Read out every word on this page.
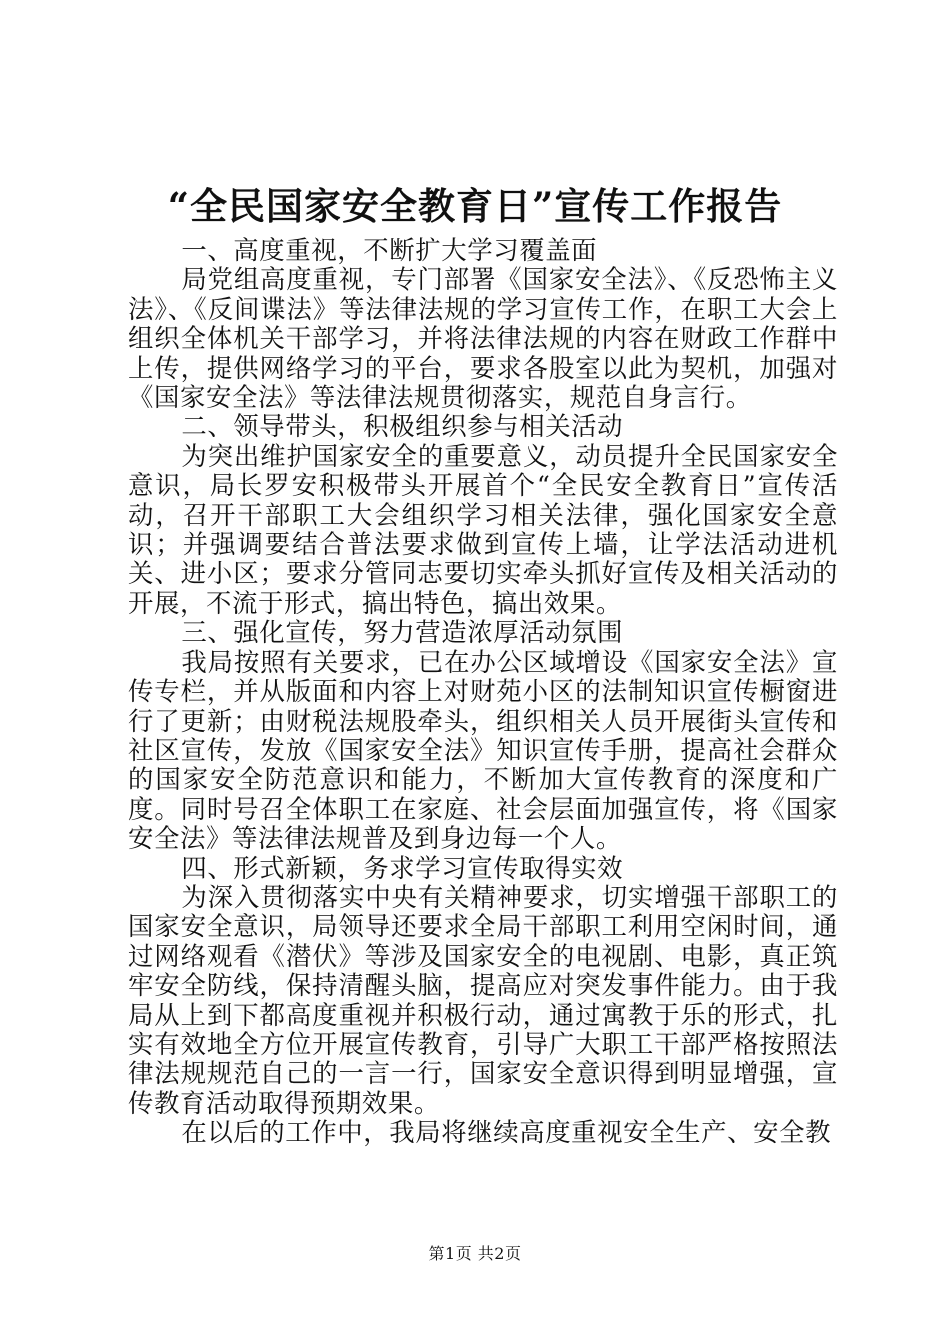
“全民国家安全教育日”宣传工作报告

一、高度重视，不断扩大学习覆盖面

局党组高度重视，专门部署《国家安全法》、《反恐怖主义法》、《反间谍法》等法律法规的学习宣传工作，在职工大会上组织全体机关干部学习，并将法律法规的内容在财政工作群中上传，提供网络学习的平台，要求各股室以此为契机，加强对《国家安全法》等法律法规贯彻落实，规范自身言行。

二、领导带头，积极组织参与相关活动

为突出维护国家安全的重要意义，动员提升全民国家安全意识，局长罗安积极带头开展首个“全民安全教育日”宣传活动，召开干部职工大会组织学习相关法律，强化国家安全意识；并强调要结合普法要求做到宣传上墙，让学法活动进机关、进小区；要求分管同志要切实牵头抓好宣传及相关活动的开展，不流于形式，搞出特色，搞出效果。

三、强化宣传，努力营造浓厚活动氛围

我局按照有关要求，已在办公区域增设《国家安全法》宣传专栏，并从版面和内容上对财苑小区的法制知识宣传橱窗进行了更新；由财税法规股牵头，组织相关人员开展街头宣传和社区宣传，发放《国家安全法》知识宣传手册，提高社会群众的国家安全防范意识和能力，不断加大宣传教育的深度和广度。同时号召全体职工在家庭、社会层面加强宣传，将《国家安全法》等法律法规普及到身边每一个人。

四、形式新颖，务求学习宣传取得实效

为深入贯彻落实中央有关精神要求，切实增强干部职工的国家安全意识，局领导还要求全局干部职工利用空闲时间，通过网络观看《潜伏》等涉及国家安全的电视剧、电影，真正筑牢安全防线，保持清醒头脑，提高应对突发事件能力。由于我局从上到下都高度重视并积极行动，通过寓教于乐的形式，扎实有效地全方位开展宣传教育，引导广大职工干部严格按照法律法规规范自己的一言一行，国家安全意识得到明显增强，宣传教育活动取得预期效果。

在以后的工作中，我局将继续高度重视安全生产、安全教

第1页 共2页
